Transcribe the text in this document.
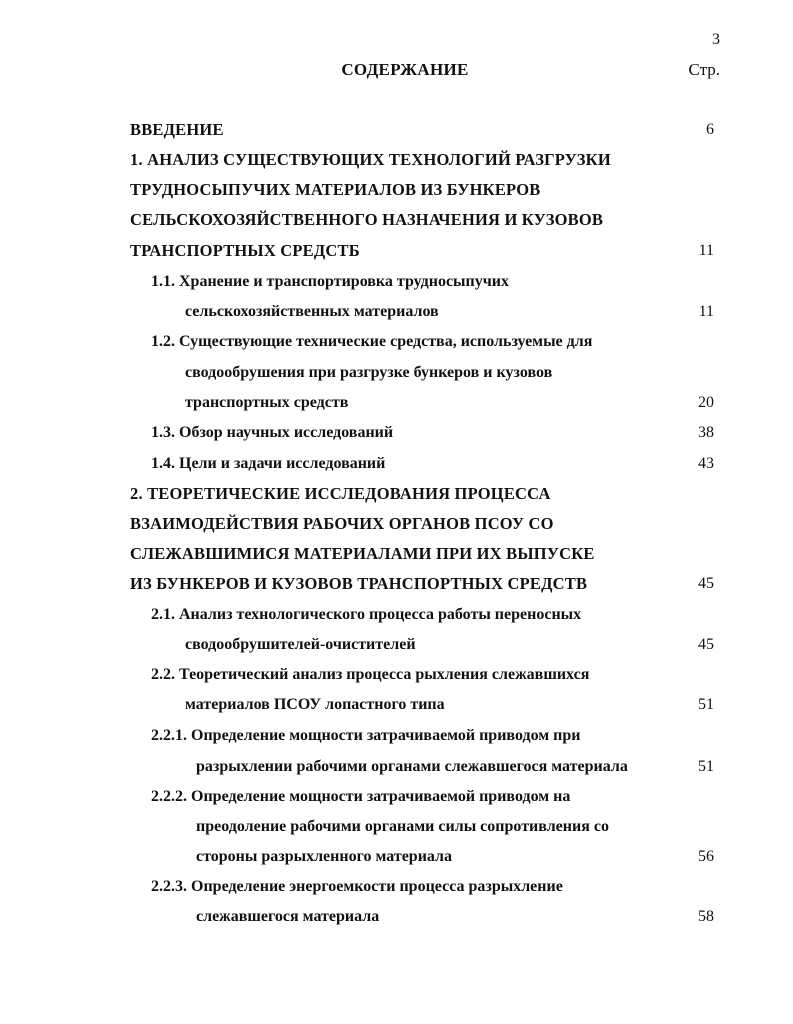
3
СОДЕРЖАНИЕ	Стр.
ВВЕДЕНИЕ	6
1. АНАЛИЗ СУЩЕСТВУЮЩИХ ТЕХНОЛОГИЙ РАЗГРУЗКИ
ТРУДНОСЫПУЧИХ МАТЕРИАЛОВ ИЗ БУНКЕРОВ
СЕЛЬСКОХОЗЯЙСТВЕННОГО НАЗНАЧЕНИЯ И КУЗОВОВ
ТРАНСПОРТНЫХ СРЕДСТБ	11
1.1. Хранение и транспортировка трудносыпучих
сельскохозяйственных материалов	11
1.2. Существующие технические средства, используемые для
сводообрушения при разгрузке бункеров и кузовов
транспортных средств	20
1.3. Обзор научных исследований	38
1.4. Цели и задачи исследований	43
2. ТЕОРЕТИЧЕСКИЕ ИССЛЕДОВАНИЯ ПРОЦЕССА
ВЗАИМОДЕЙСТВИЯ РАБОЧИХ ОРГАНОВ ПСОУ СО
СЛЕЖАВШИМИСЯ МАТЕРИАЛАМИ ПРИ ИХ ВЫПУСКЕ
ИЗ БУНКЕРОВ И КУЗОВОВ ТРАНСПОРТНЫХ СРЕДСТВ	45
2.1. Анализ технологического процесса работы переносных
сводообрушителей-очистителей	45
2.2. Теоретический анализ процесса рыхления слежавшихся
материалов ПСОУ лопастного типа	51
2.2.1. Определение мощности затрачиваемой приводом при
разрыхлении рабочими органами слежавшегося материала	51
2.2.2. Определение мощности затрачиваемой приводом на
преодоление рабочими органами силы сопротивления со
стороны разрыхленного материала	56
2.2.3. Определение энергоемкости процесса разрыхление
слежавшегося материала	58
